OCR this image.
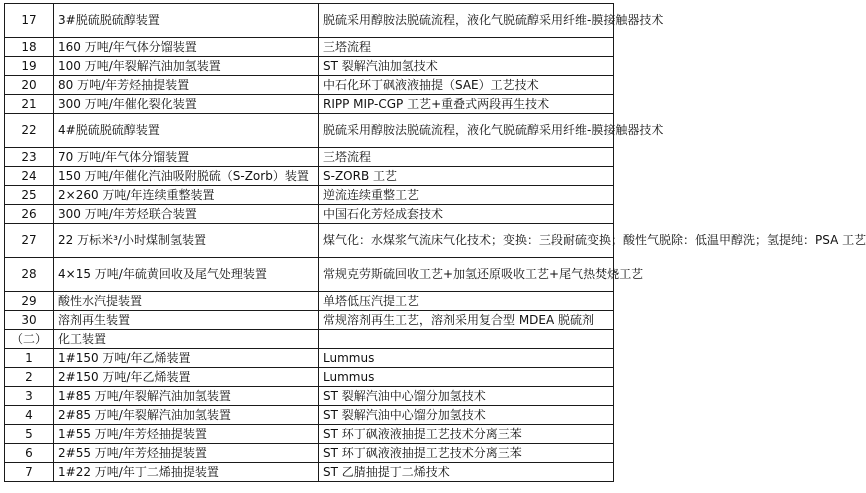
17	3#脱硫脱硫醇装置	脱硫采用醇胺法脱硫流程，液化气脱硫醇采用纤维-膜接触器技术
18	160 万吨/年气体分馏装置	三塔流程
19	100 万吨/年裂解汽油加氢装置	ST 裂解汽油加氢技术
20	80 万吨/年芳烃抽提装置	中石化环丁砜液液抽提（SAE）工艺技术
21	300 万吨/年催化裂化装置	RIPP MIP-CGP 工艺+重叠式两段再生技术
22	4#脱硫脱硫醇装置	脱硫采用醇胺法脱硫流程，液化气脱硫醇采用纤维-膜接触器技术
23	70 万吨/年气体分馏装置	三塔流程
24	150 万吨/年催化汽油吸附脱硫（S-Zorb）装置	S-ZORB 工艺
25	2×260 万吨/年连续重整装置	逆流连续重整工艺
26	300 万吨/年芳烃联合装置	中国石化芳烃成套技术
27	22 万标米³/小时煤制氢装置	煤气化：水煤浆气流床气化技术；变换：三段耐硫变换；酸性气脱除：低温甲醇洗；氢提纯：PSA 工艺
28	4×15 万吨/年硫黄回收及尾气处理装置	常规克劳斯硫回收工艺+加氢还原吸收工艺+尾气热焚烧工艺
29	酸性水汽提装置	单塔低压汽提工艺
30	溶剂再生装置	常规溶剂再生工艺，溶剂采用复合型 MDEA 脱硫剂
（二）	化工装置	
1	1#150 万吨/年乙烯装置	Lummus
2	2#150 万吨/年乙烯装置	Lummus
3	1#85 万吨/年裂解汽油加氢装置	ST 裂解汽油中心馏分加氢技术
4	2#85 万吨/年裂解汽油加氢装置	ST 裂解汽油中心馏分加氢技术
5	1#55 万吨/年芳烃抽提装置	ST 环丁砜液液抽提工艺技术分离三苯
6	2#55 万吨/年芳烃抽提装置	ST 环丁砜液液抽提工艺技术分离三苯
7	1#22 万吨/年丁二烯抽提装置	ST 乙腈抽提丁二烯技术
